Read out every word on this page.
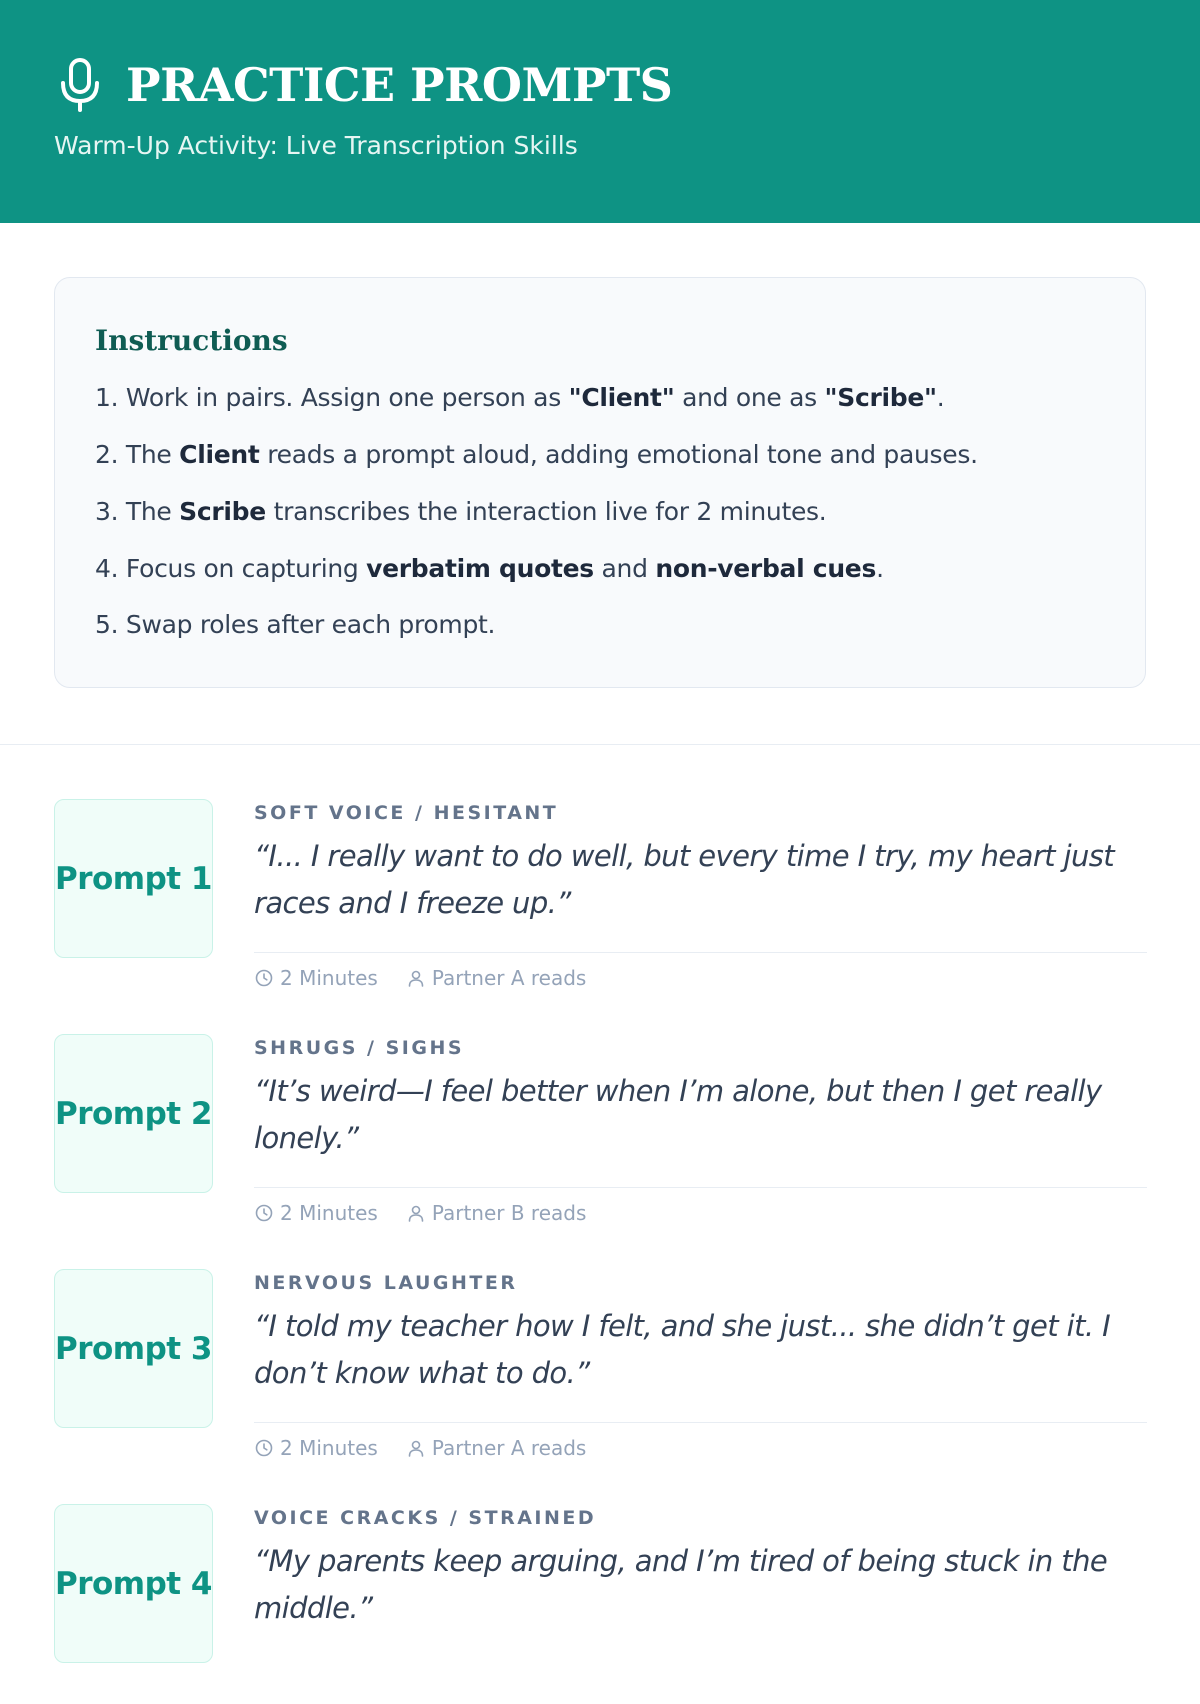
PRACTICE PROMPTS
Warm-Up Activity: Live Transcription Skills
Instructions
1. Work in pairs. Assign one person as "Client" and one as "Scribe".
2. The Client reads a prompt aloud, adding emotional tone and pauses.
3. The Scribe transcribes the interaction live for 2 minutes.
4. Focus on capturing verbatim quotes and non-verbal cues.
5. Swap roles after each prompt.
Prompt 1
SOFT VOICE / HESITANT
“I... I really want to do well, but every time I try, my heart just races and I freeze up.”
2 Minutes	Partner A reads
Prompt 2
SHRUGS / SIGHS
“It’s weird—I feel better when I’m alone, but then I get really lonely.”
2 Minutes	Partner B reads
Prompt 3
NERVOUS LAUGHTER
“I told my teacher how I felt, and she just... she didn’t get it. I don’t know what to do.”
2 Minutes	Partner A reads
Prompt 4
VOICE CRACKS / STRAINED
“My parents keep arguing, and I’m tired of being stuck in the middle.”
